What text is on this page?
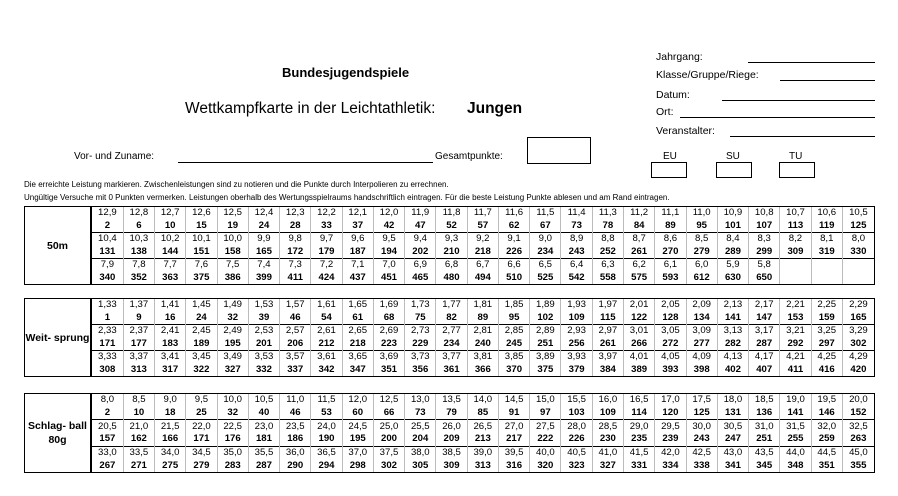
Bundesjugendspiele
Wettkampfkarte in der Leichtathletik: Jungen
Jahrgang:
Klasse/Gruppe/Riege:
Datum:
Ort:
Veranstalter:
Vor- und Zuname:	Gesamtpunkte:	EU	SU	TU
Die erreichte Leistung markieren. Zwischenleistungen sind zu notieren und die Punkte durch Interpolieren zu errechnen.
Ungültige Versuche mit 0 Punkten vermerken. Leistungen oberhalb des Wertungsspielraums handschriftlich eintragen. Für die beste Leistung Punkte ablesen und am Rand eintragen.
50m
12,9	12,8	12,7	12,6	12,5	12,4	12,3	12,2	12,1	12,0	11,9	11,8	11,7	11,6	11,5	11,4	11,3	11,2	11,1	11,0	10,9	10,8	10,7	10,6	10,5
2	6	10	15	19	24	28	33	37	42	47	52	57	62	67	73	78	84	89	95	101	107	113	119	125
10,4	10,3	10,2	10,1	10,0	9,9	9,8	9,7	9,6	9,5	9,4	9,3	9,2	9,1	9,0	8,9	8,8	8,7	8,6	8,5	8,4	8,3	8,2	8,1	8,0
131	138	144	151	158	165	172	179	187	194	202	210	218	226	234	243	252	261	270	279	289	299	309	319	330
7,9	7,8	7,7	7,6	7,5	7,4	7,3	7,2	7,1	7,0	6,9	6,8	6,7	6,6	6,5	6,4	6,3	6,2	6,1	6,0	5,9	5,8			
340	352	363	375	386	399	411	424	437	451	465	480	494	510	525	542	558	575	593	612	630	650			
Weit- sprung
1,33	1,37	1,41	1,45	1,49	1,53	1,57	1,61	1,65	1,69	1,73	1,77	1,81	1,85	1,89	1,93	1,97	2,01	2,05	2,09	2,13	2,17	2,21	2,25	2,29
1	9	16	24	32	39	46	54	61	68	75	82	89	95	102	109	115	122	128	134	141	147	153	159	165
2,33	2,37	2,41	2,45	2,49	2,53	2,57	2,61	2,65	2,69	2,73	2,77	2,81	2,85	2,89	2,93	2,97	3,01	3,05	3,09	3,13	3,17	3,21	3,25	3,29
171	177	183	189	195	201	206	212	218	223	229	234	240	245	251	256	261	266	272	277	282	287	292	297	302
3,33	3,37	3,41	3,45	3,49	3,53	3,57	3,61	3,65	3,69	3,73	3,77	3,81	3,85	3,89	3,93	3,97	4,01	4,05	4,09	4,13	4,17	4,21	4,25	4,29
308	313	317	322	327	332	337	342	347	351	356	361	366	370	375	379	384	389	393	398	402	407	411	416	420
Schlag- ball 80g
8,0	8,5	9,0	9,5	10,0	10,5	11,0	11,5	12,0	12,5	13,0	13,5	14,0	14,5	15,0	15,5	16,0	16,5	17,0	17,5	18,0	18,5	19,0	19,5	20,0
2	10	18	25	32	40	46	53	60	66	73	79	85	91	97	103	109	114	120	125	131	136	141	146	152
20,5	21,0	21,5	22,0	22,5	23,0	23,5	24,0	24,5	25,0	25,5	26,0	26,5	27,0	27,5	28,0	28,5	29,0	29,5	30,0	30,5	31,0	31,5	32,0	32,5
157	162	166	171	176	181	186	190	195	200	204	209	213	217	222	226	230	235	239	243	247	251	255	259	263
33,0	33,5	34,0	34,5	35,0	35,5	36,0	36,5	37,0	37,5	38,0	38,5	39,0	39,5	40,0	40,5	41,0	41,5	42,0	42,5	43,0	43,5	44,0	44,5	45,0
267	271	275	279	283	287	290	294	298	302	305	309	313	316	320	323	327	331	334	338	341	345	348	351	355
